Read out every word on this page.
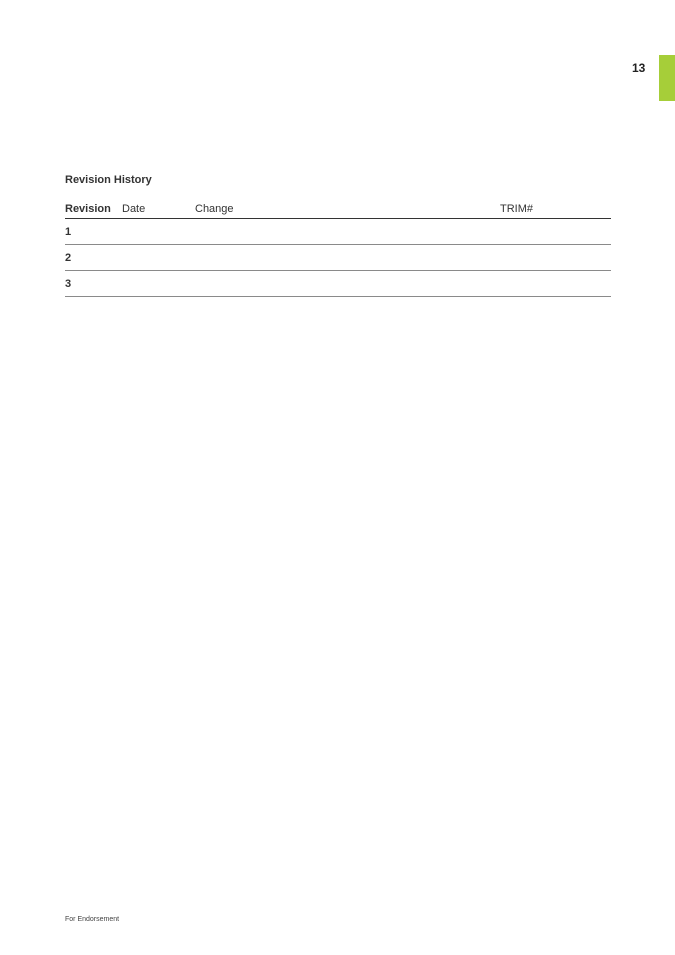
13
Revision History
Revision Date	Change	TRIM#
1
2
3
For Endorsement
